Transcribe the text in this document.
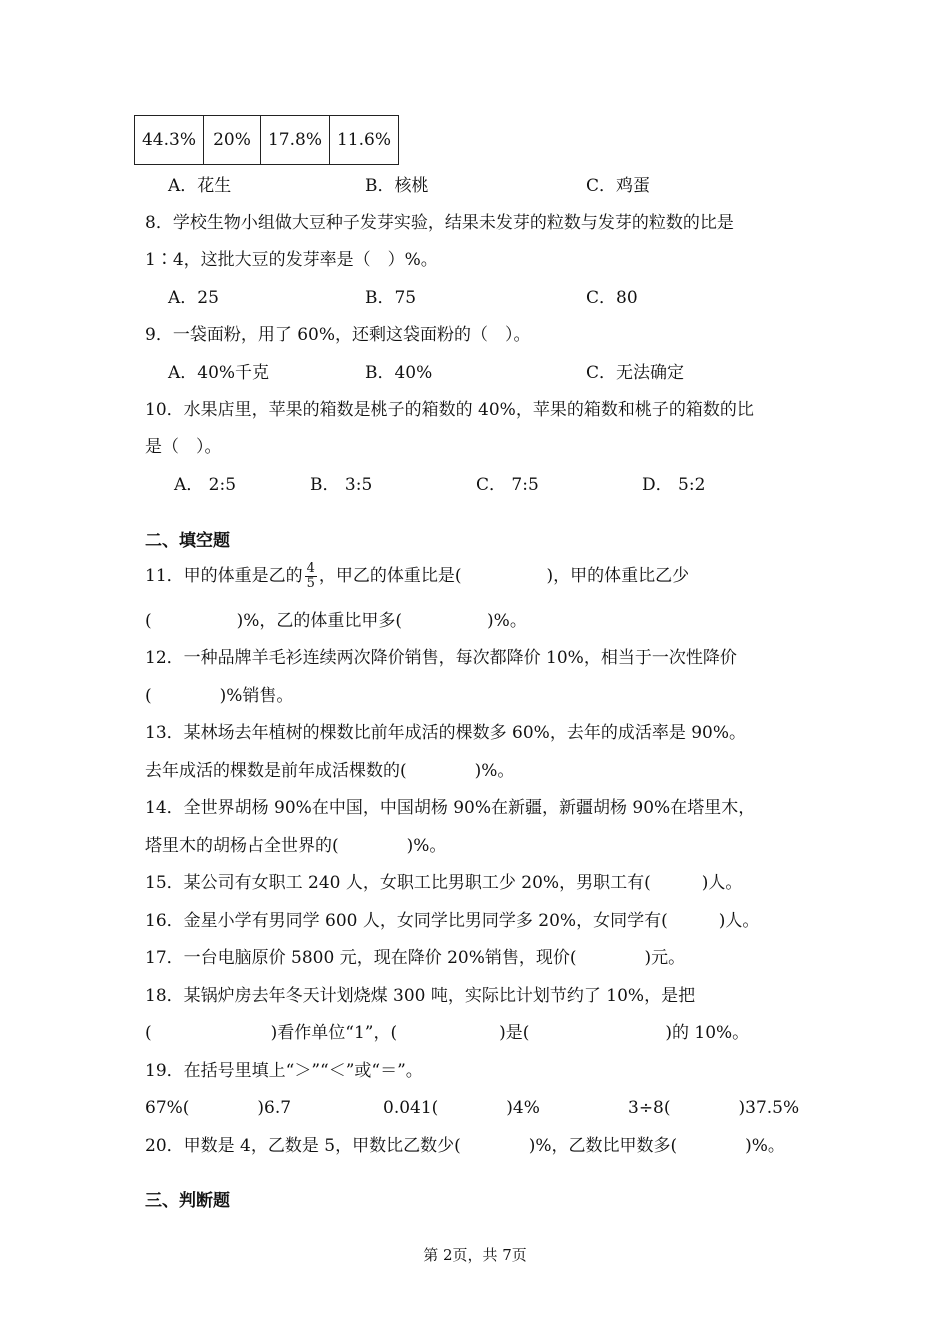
44.3%	20%	17.8%	11.6%
A．花生	B．核桃	C．鸡蛋
8．学校生物小组做大豆种子发芽实验，结果未发芽的粒数与发芽的粒数的比是
1∶4，这批大豆的发芽率是（　）%。
A．25	B．75	C．80
9．一袋面粉，用了 60%，还剩这袋面粉的（　）。
A．40%千克	B．40%	C．无法确定
10．水果店里，苹果的箱数是桃子的箱数的 40%，苹果的箱数和桃子的箱数的比
是（　）。
A． 2:5	B． 3:5	C． 7:5	D． 5:2
二、填空题
11．甲的体重是乙的 $\frac{4}{5}$ ，甲乙的体重比是(　　　　　)，甲的体重比乙少
(　　　　　)%，乙的体重比甲多(　　　　　)%。
12．一种品牌羊毛衫连续两次降价销售，每次都降价 10%，相当于一次性降价
(　　　　)%销售。
13．某林场去年植树的棵数比前年成活的棵数多 60%，去年的成活率是 90%。
去年成活的棵数是前年成活棵数的(　　　　)%。
14．全世界胡杨 90%在中国，中国胡杨 90%在新疆，新疆胡杨 90%在塔里木，
塔里木的胡杨占全世界的(　　　　)%。
15．某公司有女职工 240 人，女职工比男职工少 20%，男职工有(　　　)人。
16．金星小学有男同学 600 人，女同学比男同学多 20%，女同学有(　　　)人。
17．一台电脑原价 5800 元，现在降价 20%销售，现价(　　　　)元。
18．某锅炉房去年冬天计划烧煤 300 吨，实际比计划节约了 10%，是把
(　　　　　　　)看作单位“1”，(　　　　　　)是(　　　　　　　　)的 10%。
19．在括号里填上“＞”“＜”或“＝”。
67%(　　　　)6.7	0.041(　　　　)4%	3÷8(　　　　)37.5%
20．甲数是 4，乙数是 5，甲数比乙数少(　　　　)%，乙数比甲数多(　　　　)%。
三、判断题
第 2页，共 7页
